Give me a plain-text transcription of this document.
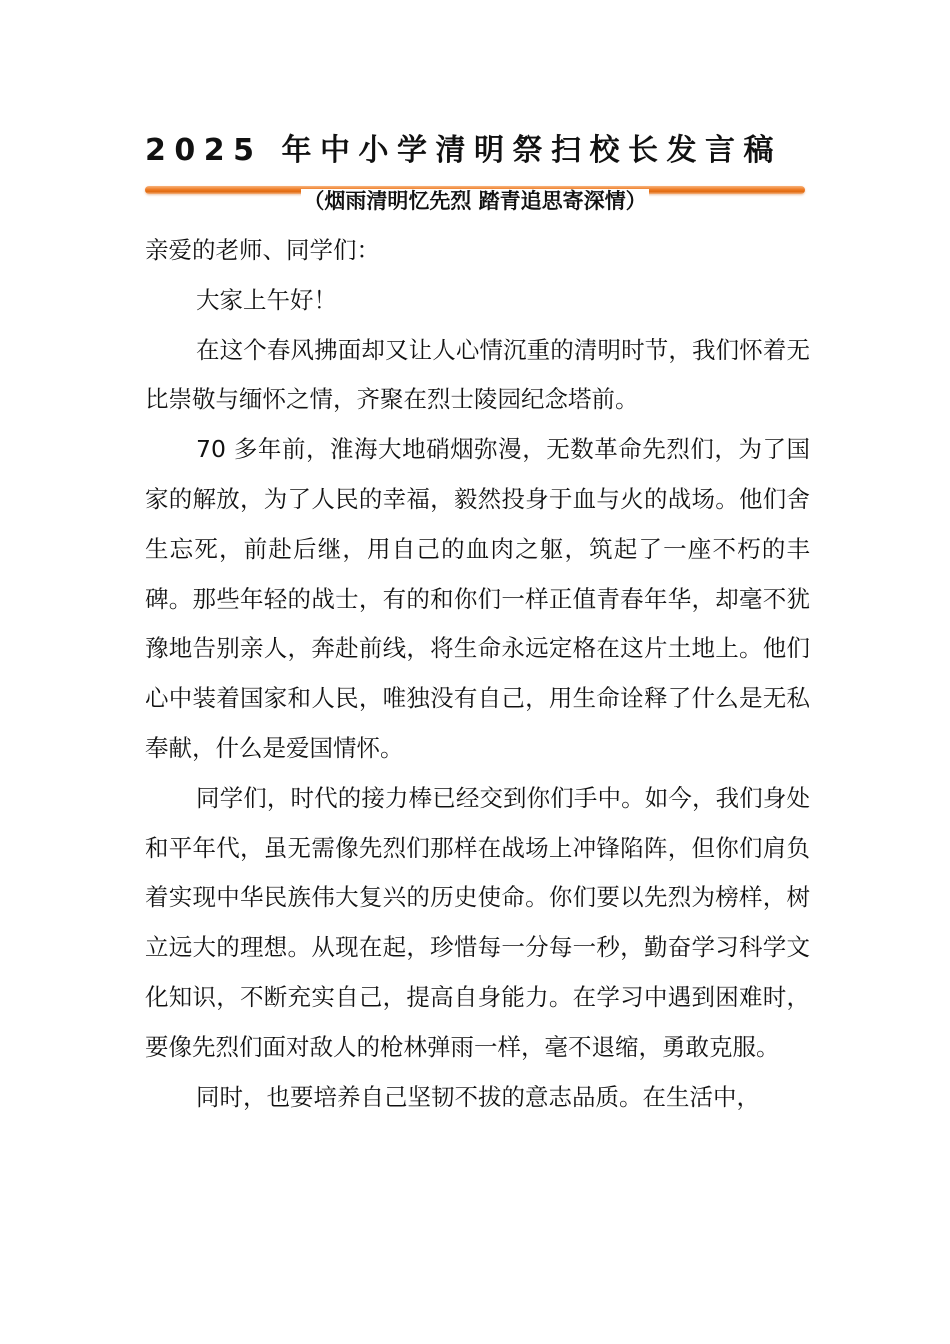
2025 年中小学清明祭扫校长发言稿
（烟雨清明忆先烈 踏青追思寄深情）

亲爱的老师、同学们：

大家上午好！

在这个春风拂面却又让人心情沉重的清明时节，我们怀着无比崇敬与缅怀之情，齐聚在烈士陵园纪念塔前。

70 多年前，淮海大地硝烟弥漫，无数革命先烈们，为了国家的解放，为了人民的幸福，毅然投身于血与火的战场。他们舍生忘死，前赴后继，用自己的血肉之躯，筑起了一座不朽的丰碑。那些年轻的战士，有的和你们一样正值青春年华，却毫不犹豫地告别亲人，奔赴前线，将生命永远定格在这片土地上。他们心中装着国家和人民，唯独没有自己，用生命诠释了什么是无私奉献，什么是爱国情怀。

同学们，时代的接力棒已经交到你们手中。如今，我们身处和平年代，虽无需像先烈们那样在战场上冲锋陷阵，但你们肩负着实现中华民族伟大复兴的历史使命。你们要以先烈为榜样，树立远大的理想。从现在起，珍惜每一分每一秒，勤奋学习科学文化知识，不断充实自己，提高自身能力。在学习中遇到困难时，要像先烈们面对敌人的枪林弹雨一样，毫不退缩，勇敢克服。

同时，也要培养自己坚韧不拔的意志品质。在生活中，
